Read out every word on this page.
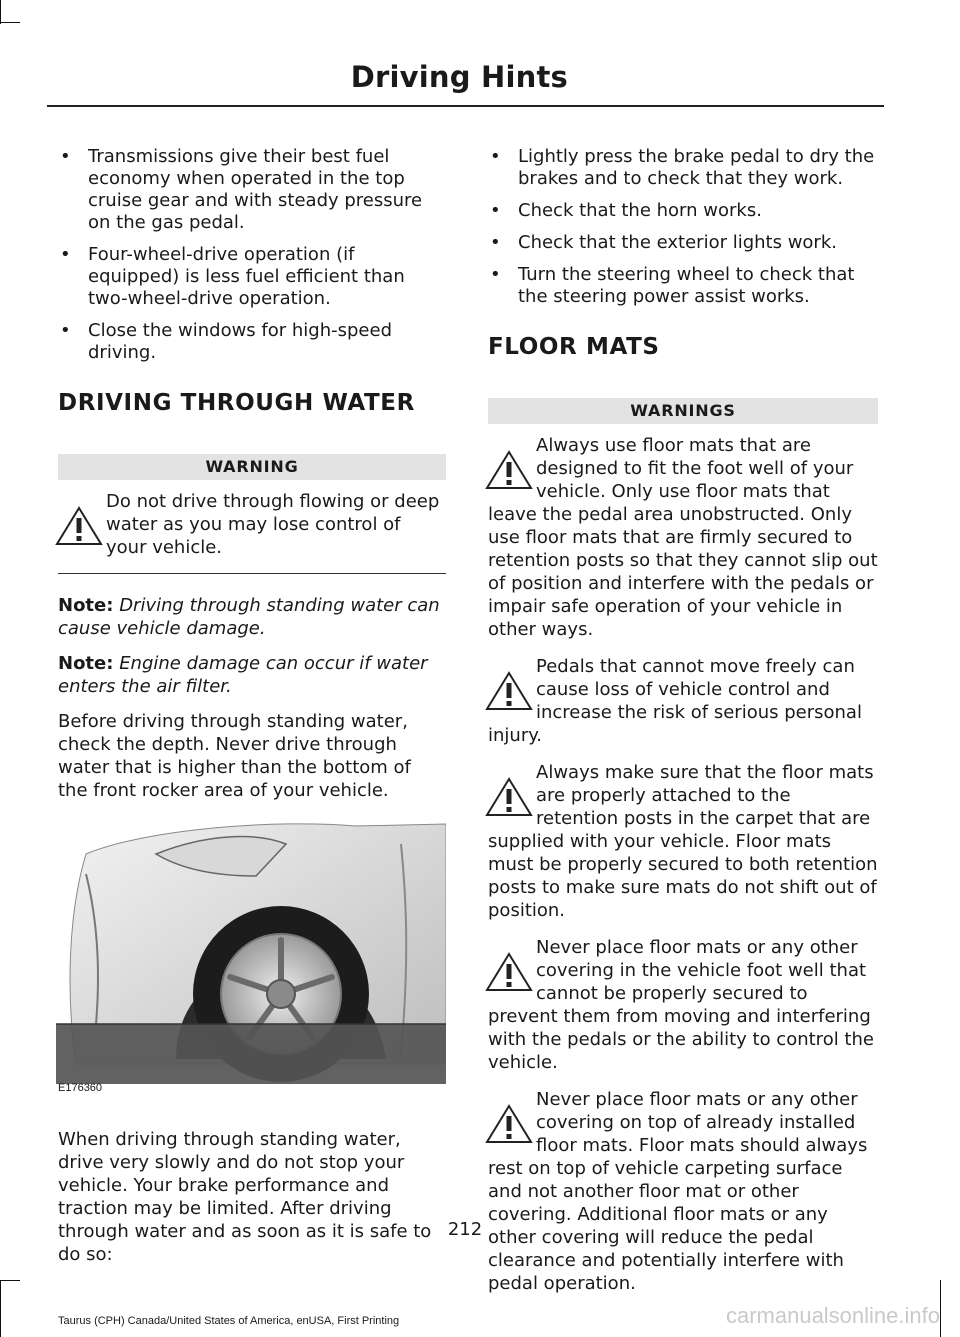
Driving Hints
• Transmissions give their best fuel economy when operated in the top cruise gear and with steady pressure on the gas pedal.
• Four-wheel-drive operation (if equipped) is less fuel efficient than two-wheel-drive operation.
• Close the windows for high-speed driving.
DRIVING THROUGH WATER
WARNING
Do not drive through flowing or deep water as you may lose control of your vehicle.

Note: Driving through standing water can cause vehicle damage.

Note: Engine damage can occur if water enters the air filter.

Before driving through standing water, check the depth. Never drive through water that is higher than the bottom of the front rocker area of your vehicle.

E176360

When driving through standing water, drive very slowly and do not stop your vehicle. Your brake performance and traction may be limited. After driving through water and as soon as it is safe to do so:

• Lightly press the brake pedal to dry the brakes and to check that they work.
• Check that the horn works.
• Check that the exterior lights work.
• Turn the steering wheel to check that the steering power assist works.
FLOOR MATS
WARNINGS
Always use floor mats that are designed to fit the foot well of your vehicle. Only use floor mats that leave the pedal area unobstructed. Only use floor mats that are firmly secured to retention posts so that they cannot slip out of position and interfere with the pedals or impair safe operation of your vehicle in other ways.
Pedals that cannot move freely can cause loss of vehicle control and increase the risk of serious personal injury.
Always make sure that the floor mats are properly attached to the retention posts in the carpet that are supplied with your vehicle. Floor mats must be properly secured to both retention posts to make sure mats do not shift out of position.
Never place floor mats or any other covering in the vehicle foot well that cannot be properly secured to prevent them from moving and interfering with the pedals or the ability to control the vehicle.
Never place floor mats or any other covering on top of already installed floor mats. Floor mats should always rest on top of vehicle carpeting surface and not another floor mat or other covering. Additional floor mats or any other covering will reduce the pedal clearance and potentially interfere with pedal operation.
212
Taurus (CPH) Canada/United States of America, enUSA, First Printing	carmanualsonline.info
